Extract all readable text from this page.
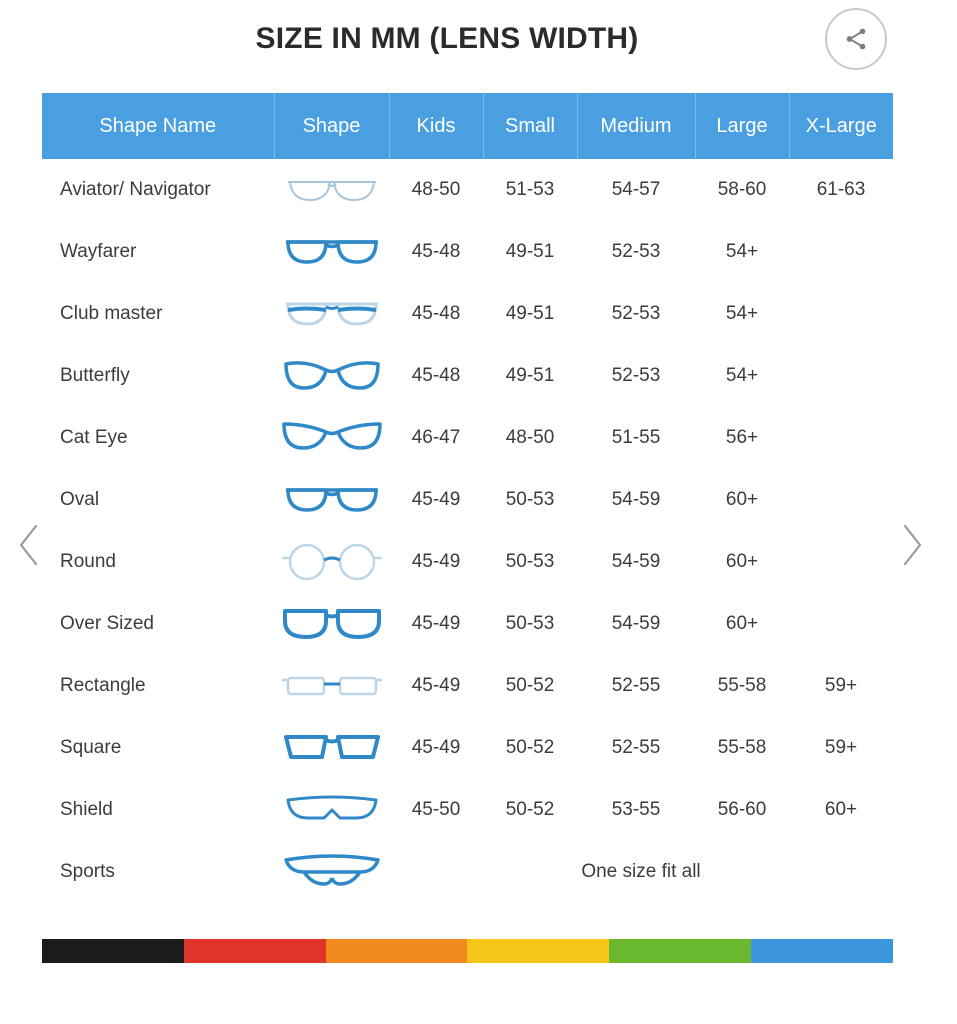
SIZE IN MM (LENS WIDTH)
Shape Name	Shape	Kids	Small	Medium	Large	X-Large
Aviator/ Navigator		48-50	51-53	54-57	58-60	61-63
Wayfarer		45-48	49-51	52-53	54+	
Club master		45-48	49-51	52-53	54+	
Butterfly		45-48	49-51	52-53	54+	
Cat Eye		46-47	48-50	51-55	56+	
Oval		45-49	50-53	54-59	60+	
Round		45-49	50-53	54-59	60+	
Over Sized		45-49	50-53	54-59	60+	
Rectangle		45-49	50-52	52-55	55-58	59+
Square		45-49	50-52	52-55	55-58	59+
Shield		45-50	50-52	53-55	56-60	60+
Sports		One size fit all				
